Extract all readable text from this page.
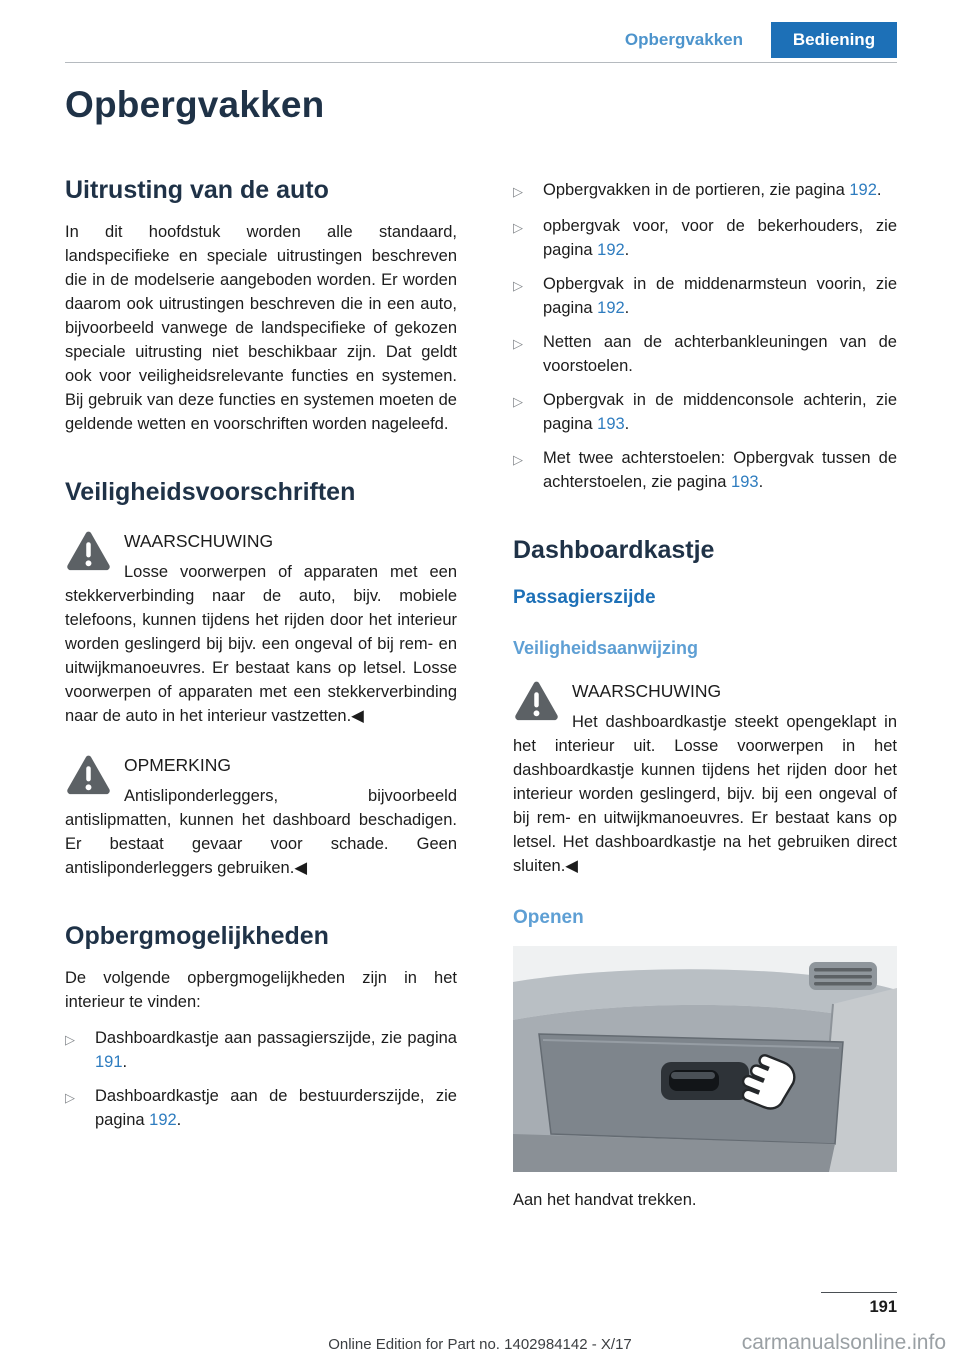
Opbergvakken	Bediening
Opbergvakken
Uitrusting van de auto

In dit hoofdstuk worden alle standaard, landspecifieke en speciale uitrustingen beschreven die in de modelserie aangeboden worden. Er worden daarom ook uitrustingen beschreven die in een auto, bijvoorbeeld vanwege de landspecifieke of gekozen speciale uitrusting niet beschikbaar zijn. Dat geldt ook voor veiligheidsrelevante functies en systemen. Bij gebruik van deze functies en systemen moeten de geldende wetten en voorschriften worden nageleefd.

Veiligheidsvoorschriften
WAARSCHUWING

Losse voorwerpen of apparaten met een stekkerverbinding naar de auto, bijv. mobiele telefoons, kunnen tijdens het rijden door het interieur worden geslingerd bij bijv. een ongeval of bij rem- en uitwijkmanoeuvres. Er bestaat kans op letsel. Losse voorwerpen of apparaten met een stekkerverbinding naar de auto in het interieur vastzetten.◀

OPMERKING

Antisliponderleggers, bijvoorbeeld antislipmatten, kunnen het dashboard beschadigen. Er bestaat gevaar voor schade. Geen antisliponderleggers gebruiken.◀

Opbergmogelijkheden

De volgende opbergmogelijkheden zijn in het interieur te vinden:

▷	Dashboardkastje aan passagierszijde, zie pagina 191.
▷	Dashboardkastje aan de bestuurderszijde, zie pagina 192.
▷	Opbergvakken in de portieren, zie pagina 192.
▷	opbergvak voor, voor de bekerhouders, zie pagina 192.
▷	Opbergvak in de middenarmsteun voorin, zie pagina 192.
▷	Netten aan de achterbankleuningen van de voorstoelen.
▷	Opbergvak in de middenconsole achterin, zie pagina 193.
▷	Met twee achterstoelen: Opbergvak tussen de achterstoelen, zie pagina 193.
Dashboardkastje
Passagierszijde
Veiligheidsaanwijzing
WAARSCHUWING

Het dashboardkastje steekt opengeklapt in het interieur uit. Losse voorwerpen in het dashboardkastje kunnen tijdens het rijden door het interieur worden geslingerd, bijv. bij een ongeval of bij rem- en uitwijkmanoeuvres. Er bestaat kans op letsel. Het dashboardkastje na het gebruiken direct sluiten.◀

Openen

Aan het handvat trekken.

191
Online Edition for Part no. 1402984142 - X/17	carmanualsonline.info
